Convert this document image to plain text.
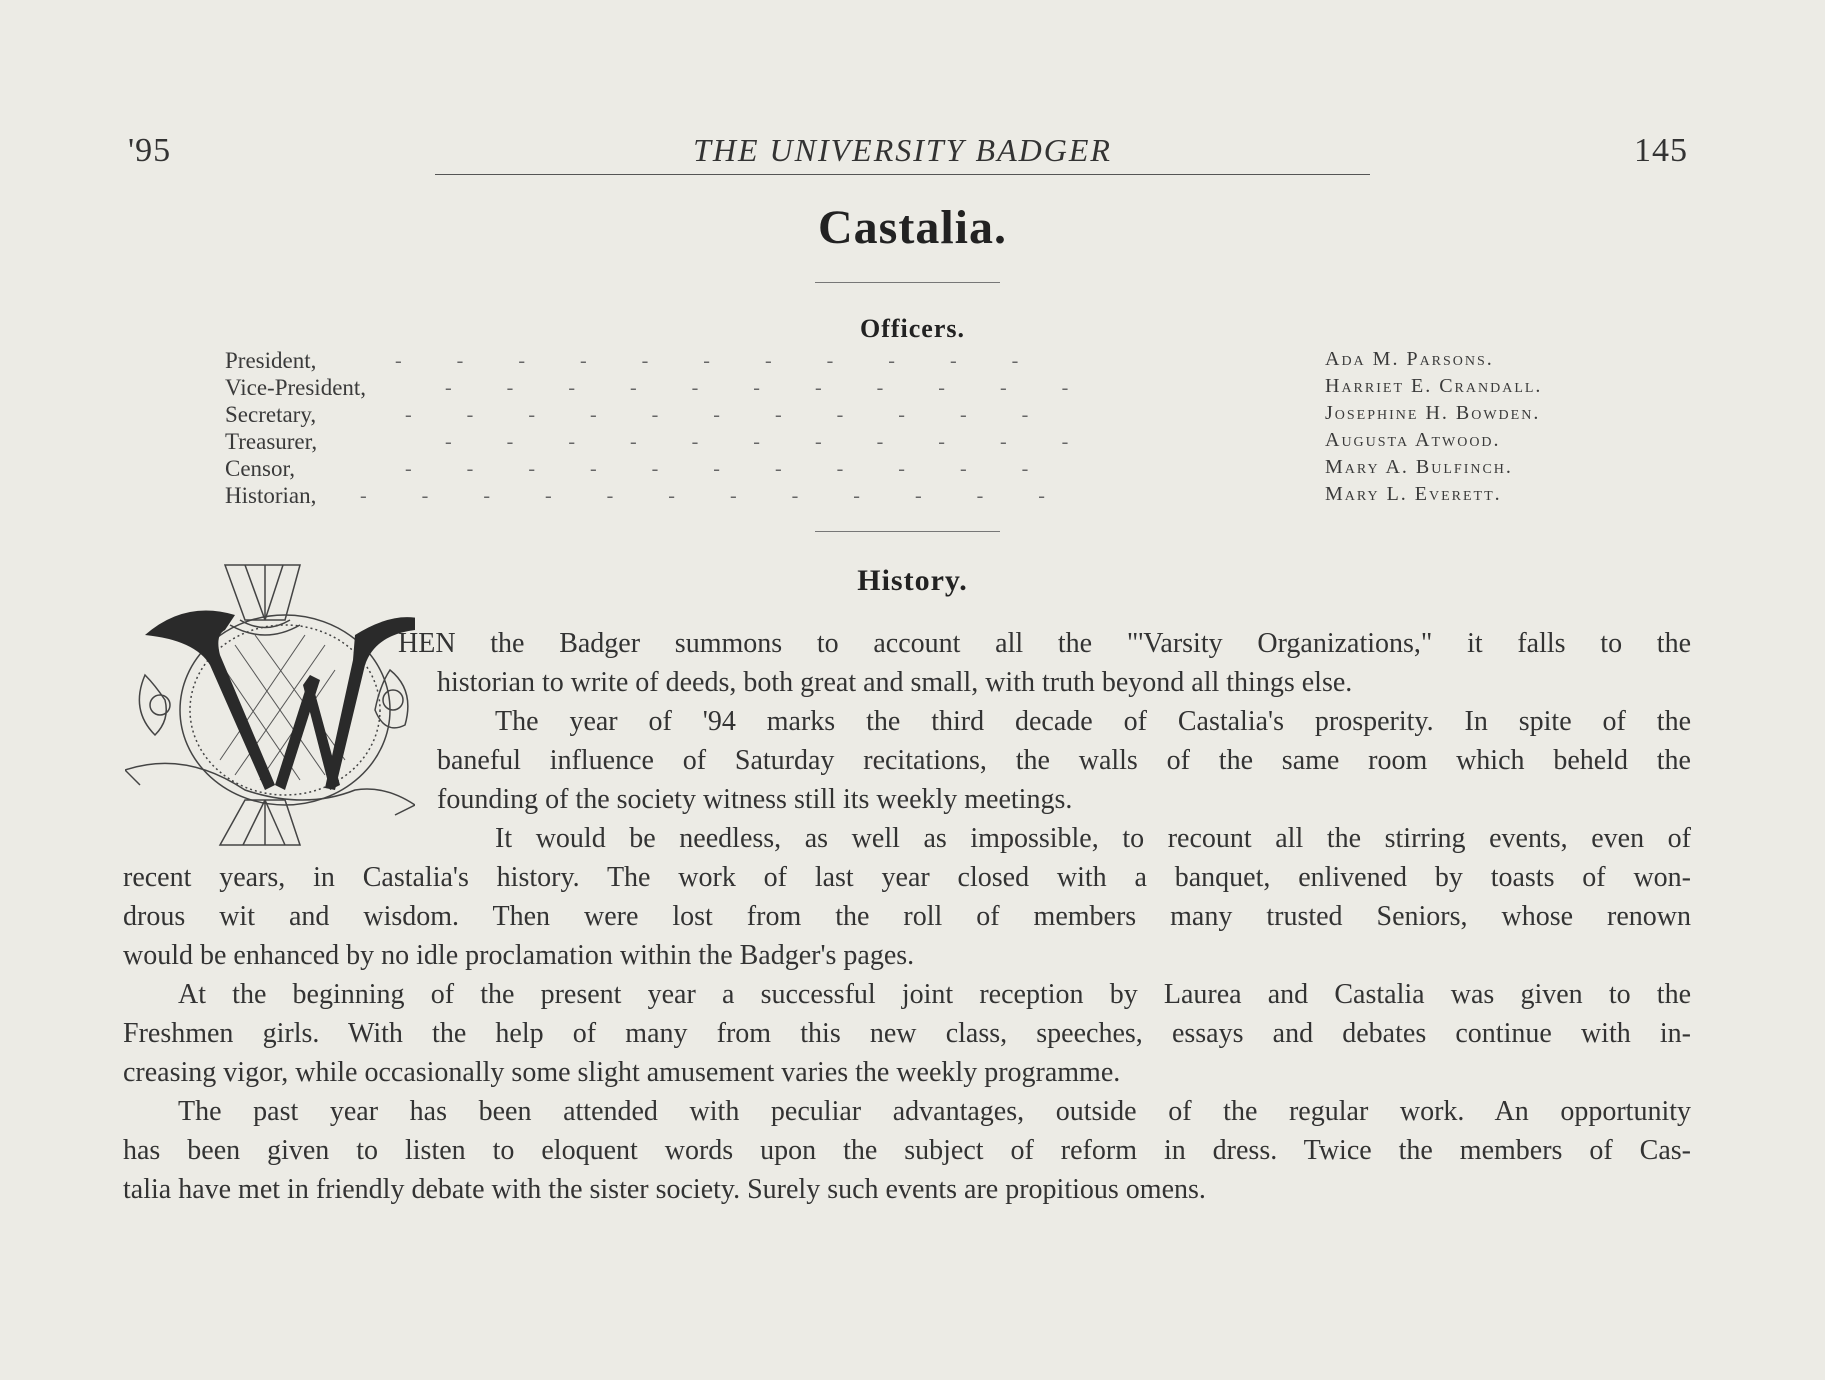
'95	THE UNIVERSITY BADGER	145
Castalia.
Officers.
President,	-           -           -           -           -           -           -           -           -           -           -	Ada M. Parsons.
Vice-President,	-           -           -           -           -           -           -           -           -           -           -	Harriet E. Crandall.
Secretary,	-           -           -           -           -           -           -           -           -           -           -	Josephine H. Bowden.
Treasurer,	-           -           -           -           -           -           -           -           -           -           -	Augusta Atwood.
Censor,	-           -           -           -           -           -           -           -           -           -           -	Mary A. Bulfinch.
Historian, -           -           -           -           -           -           -           -           -           -           -           -	Mary L. Everett.
History.
HEN the Badger summons to account all the "'Varsity Organizations," it falls to the
historian to write of deeds, both great and small, with truth beyond all things else.
The year of '94 marks the third decade of Castalia's prosperity. In spite of the
baneful influence of Saturday recitations, the walls of the same room which beheld the
founding of the society witness still its weekly meetings.
It would be needless, as well as impossible, to recount all the stirring events, even of
recent years, in Castalia's history. The work of last year closed with a banquet, enlivened by toasts of won-
drous wit and wisdom. Then were lost from the roll of members many trusted Seniors, whose renown
would be enhanced by no idle proclamation within the Badger's pages.
At the beginning of the present year a successful joint reception by Laurea and Castalia was given to the
Freshmen girls. With the help of many from this new class, speeches, essays and debates continue with in-
creasing vigor, while occasionally some slight amusement varies the weekly programme.
The past year has been attended with peculiar advantages, outside of the regular work. An opportunity
has been given to listen to eloquent words upon the subject of reform in dress. Twice the members of Cas-
talia have met in friendly debate with the sister society. Surely such events are propitious omens.
